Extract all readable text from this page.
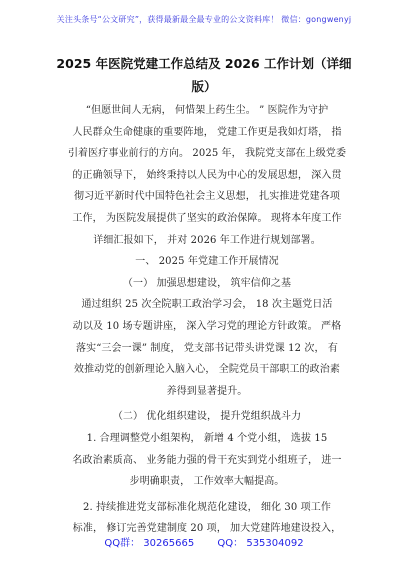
关注头条号“公文研究”，获得最新最全最专业的公文资料库！ 微信：gongwenyj
2025 年医院党建工作总结及 2026 工作计划（详细
版）

“但愿世间人无病， 何惜架上药生尘。 ” 医院作为守护

人民群众生命健康的重要阵地， 党建工作更是我如灯塔， 指

引着医疗事业前行的方向。 2025 年， 我院党支部在上级党委

的正确领导下， 始终秉持以人民为中心的发展思想， 深入贯

彻习近平新时代中国特色社会主义思想， 扎实推进党建各项

工作， 为医院发展提供了坚实的政治保障。 现将本年度工作

详细汇报如下， 并对 2026 年工作进行规划部署。

一、 2025 年党建工作开展情况

（一） 加强思想建设， 筑牢信仰之基

通过组织 25 次全院职工政治学习会， 18 次主题党日活

动以及 10 场专题讲座， 深入学习党的理论方针政策。 严格

落实“三会一课” 制度， 党支部书记带头讲党课 12 次， 有

效推动党的创新理论入脑入心， 全院党员干部职工的政治素

养得到显著提升。

（二） 优化组织建设， 提升党组织战斗力

1. 合理调整党小组架构， 新增 4 个党小组， 选拔 15

名政治素质高、 业务能力强的骨干充实到党小组班子， 进一

步明确职责， 工作效率大幅提高。

2. 持续推进党支部标准化规范化建设， 细化 30 项工作

标准， 修订完善党建制度 20 项， 加大党建阵地建设投入，

QQ群： 30265665 QQ： 535304092
